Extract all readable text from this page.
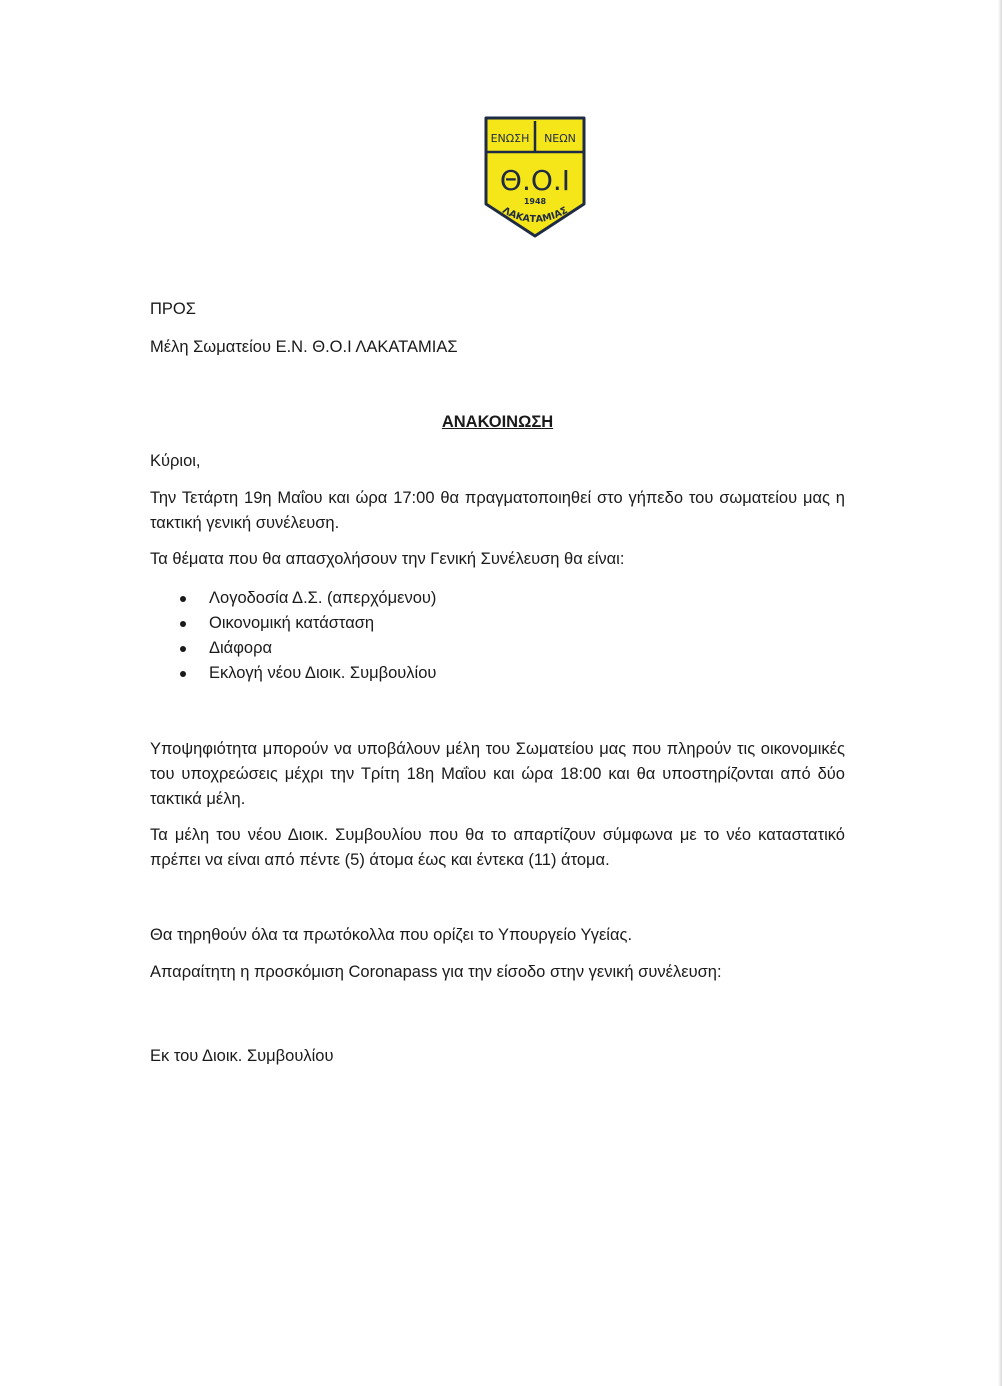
ΕΝΩΣΗ ΝΕΩΝ
Θ.Ο.Ι
1948
ΛΑΚΑΤΑΜΙΑΣ

ΠΡΟΣ

Μέλη Σωματείου Ε.Ν. Θ.Ο.Ι ΛΑΚΑΤΑΜΙΑΣ

ΑΝΑΚΟΙΝΩΣΗ

Κύριοι,

Την Τετάρτη 19η Μαΐου και ώρα 17:00 θα πραγματοποιηθεί στο γήπεδο του σωματείου μας η τακτική γενική συνέλευση.

Τα θέματα που θα απασχολήσουν την Γενική Συνέλευση θα είναι:

Λογοδοσία Δ.Σ. (απερχόμενου)
Οικονομική κατάσταση
Διάφορα
Εκλογή νέου Διοικ. Συμβουλίου

Υποψηφιότητα μπορούν να υποβάλουν μέλη του Σωματείου μας που πληρούν τις οικονομικές του υποχρεώσεις μέχρι την Τρίτη 18η Μαΐου και ώρα 18:00 και θα υποστηρίζονται από δύο τακτικά μέλη.

Τα μέλη του νέου Διοικ. Συμβουλίου που θα το απαρτίζουν σύμφωνα με το νέο καταστατικό πρέπει να είναι από πέντε (5) άτομα έως και έντεκα (11) άτομα.

Θα τηρηθούν όλα τα πρωτόκολλα που ορίζει το Υπουργείο Υγείας.

Απαραίτητη η προσκόμιση Coronapass για την είσοδο στην γενική συνέλευση:

Εκ του Διοικ. Συμβουλίου
